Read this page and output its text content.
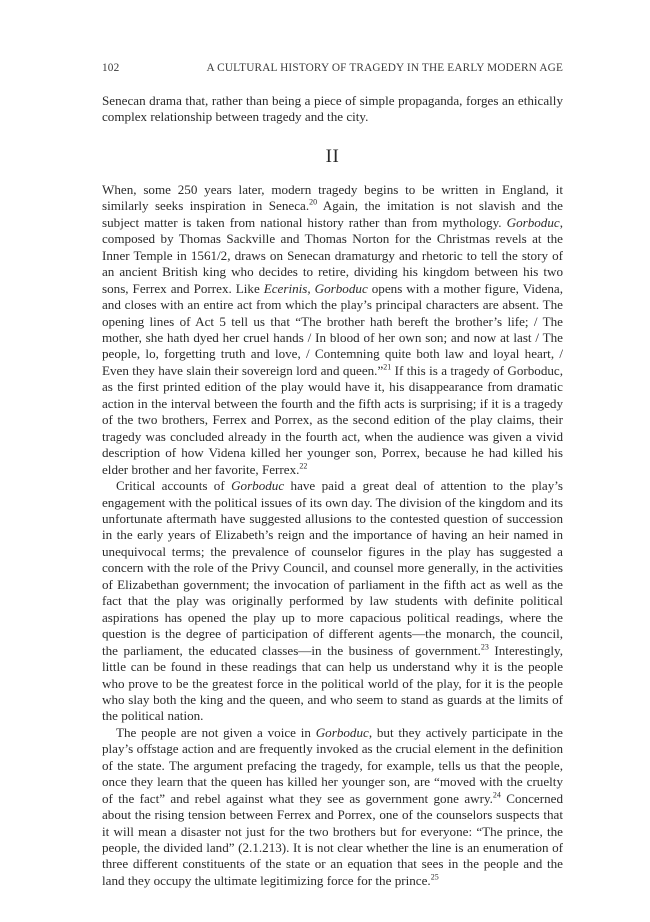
102	A CULTURAL HISTORY OF TRAGEDY IN THE EARLY MODERN AGE

Senecan drama that, rather than being a piece of simple propaganda, forges an ethically complex relationship between tragedy and the city.

II

When, some 250 years later, modern tragedy begins to be written in England, it similarly seeks inspiration in Seneca.$^{20}$ Again, the imitation is not slavish and the subject matter is taken from national history rather than from mythology. Gorboduc, composed by Thomas Sackville and Thomas Norton for the Christmas revels at the Inner Temple in 1561/2, draws on Senecan dramaturgy and rhetoric to tell the story of an ancient British king who decides to retire, dividing his kingdom between his two sons, Ferrex and Porrex. Like Ecerinis, Gorboduc opens with a mother figure, Videna, and closes with an entire act from which the play’s principal characters are absent. The opening lines of Act 5 tell us that “The brother hath bereft the brother’s life; / The mother, she hath dyed her cruel hands / In blood of her own son; and now at last / The people, lo, forgetting truth and love, / Contemning quite both law and loyal heart, / Even they have slain their sovereign lord and queen.”$^{21}$ If this is a tragedy of Gorboduc, as the first printed edition of the play would have it, his disappearance from dramatic action in the interval between the fourth and the fifth acts is surprising; if it is a tragedy of the two brothers, Ferrex and Porrex, as the second edition of the play claims, their tragedy was concluded already in the fourth act, when the audience was given a vivid description of how Videna killed her younger son, Porrex, because he had killed his elder brother and her favorite, Ferrex.$^{22}$

Critical accounts of Gorboduc have paid a great deal of attention to the play’s engagement with the political issues of its own day. The division of the kingdom and its unfortunate aftermath have suggested allusions to the contested question of succession in the early years of Elizabeth’s reign and the importance of having an heir named in unequivocal terms; the prevalence of counselor figures in the play has suggested a concern with the role of the Privy Council, and counsel more generally, in the activities of Elizabethan government; the invocation of parliament in the fifth act as well as the fact that the play was originally performed by law students with definite political aspirations has opened the play up to more capacious political readings, where the question is the degree of participation of different agents—the monarch, the council, the parliament, the educated classes—in the business of government.$^{23}$ Interestingly, little can be found in these readings that can help us understand why it is the people who prove to be the greatest force in the political world of the play, for it is the people who slay both the king and the queen, and who seem to stand as guards at the limits of the political nation.

The people are not given a voice in Gorboduc, but they actively participate in the play’s offstage action and are frequently invoked as the crucial element in the definition of the state. The argument prefacing the tragedy, for example, tells us that the people, once they learn that the queen has killed her younger son, are “moved with the cruelty of the fact” and rebel against what they see as government gone awry.$^{24}$ Concerned about the rising tension between Ferrex and Porrex, one of the counselors suspects that it will mean a disaster not just for the two brothers but for everyone: “The prince, the people, the divided land” (2.1.213). It is not clear whether the line is an enumeration of three different constituents of the state or an equation that sees in the people and the land they occupy the ultimate legitimizing force for the prince.$^{25}$
